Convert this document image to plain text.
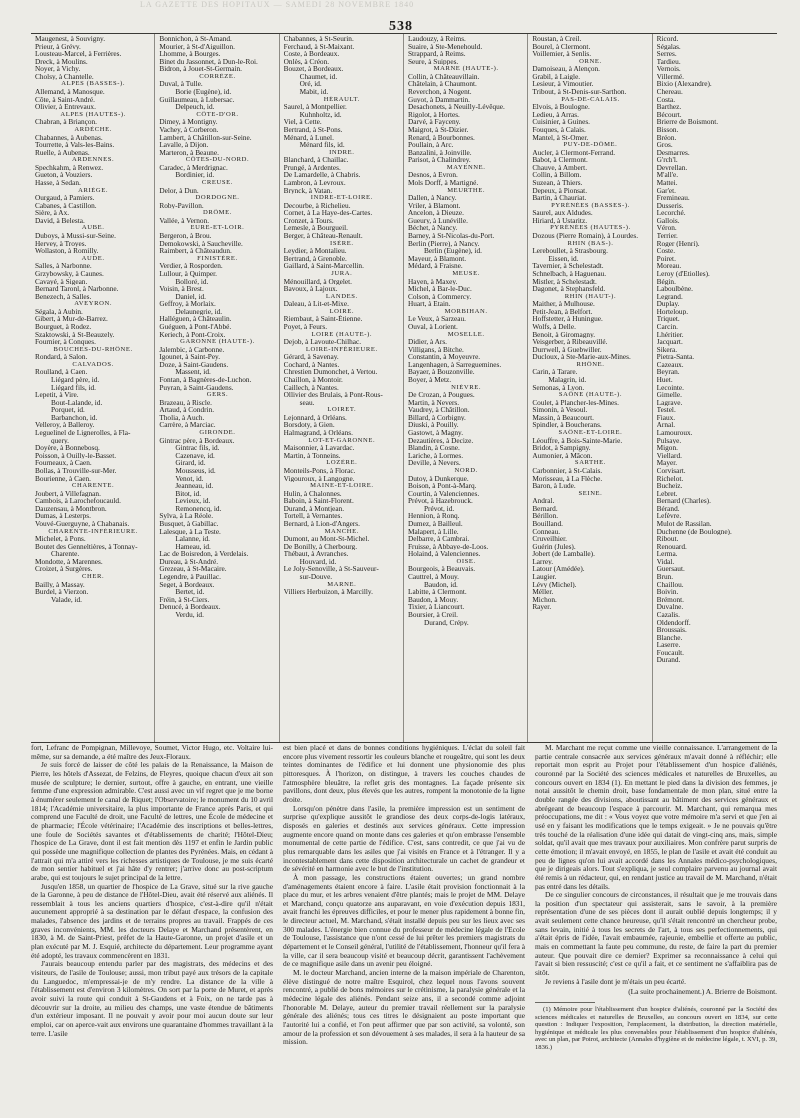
LA GAZETTE DES HOPITAUX — SAMEDI 28 NOVEMBRE 1840
538
Maugenest, à Souvigny.
Prieur, à Grévy.
Lousteau-Marcel, à Ferrières.
Dreck, à Moulins.
Noyer, à Vichy.
Cholsy, à Chantelle.
ALPES (BASSES-).
Allemand, à Manosque.
Côte, à Saint-André.
Olivier, à Entrevaux.
ALPES (HAUTES-).
Chabran, à Briançon.
ARDÈCHE.
Chabannes, à Aubenas.
Tourrette, à Vals-les-Bains.
Ruelle, à Aubenas.
ARDENNES.
Spechkahm, à Renwez.
Gueton, à Vouziers.
Hasse, à Sedan.
ARIÈGE.
Ourgaud, à Pamiers.
Cabanes, à Castillon.
Sière, à Ax.
David, à Belesta.
AUBE.
Duboys, à Mussi-sur-Seine.
Hervey, à Troyes.
Wollaston, à Romilly.
AUDE.
Salles, à Narbonne.
Grzybowsky, à Caunes.
Cavayé, à Sigean.
Bernard Taronl, à Narbonne.
Benezech, à Salles.
AVEYRON.
Ségala, à Aubin.
Gibert, à Mur-de-Barrez.
Bourguet, à Rodez.
Szaktowski, à St-Beauzely.
Fournier, à Conques.
BOUCHES-DU-RHÔNE.
Rondard, à Salon.
CALVADOS.
Roulland, à Caen.
Liégard père, id.
Liégard fils, id.
Lepetit, à Vire.
Bout-Lalande, id.
Porquet, id.
Barbanchon, id.
Velleroy, à Balleroy.
Leguelinel de Lignerolles, à Fla-
query.
Doyère, à Bonnebosq.
Poisson, à Ouilly-le-Basset.
Fourneaux, à Caen.
Bollas, à Trouville-sur-Mer.
Bourienne, à Caen.
CHARENTE.
Joubert, à Villefagnan.
Cambois, à Larochefoucauld.
Dauzensau, à Montbron.
Dumas, à Lesterps.
Vouvé-Guerguyne, à Chabanais.
CHARENTE-INFÉRIEURE.
Michelet, à Pons.
Boutet des Genneltières, à Tonnay-
Charente.
Mondotte, à Marennes.
Croizet, à Surgères.
CHER.
Bailly, à Massay.
Burdel, à Vierzon.
Valade, id.
Bonnichon, à St-Amand.
Mourier, à St-d'Aiguillon.
Lhomme, à Bourges.
Binet du Jassonnet, à Dun-le-Roi.
Bidron, à Jouet-St-Germain.
CORRÈZE.
Duval, à Tulle.
Borie (Eugène), id.
Guillaumeau, à Lubersac.
Delpeuch, id.
CÔTE-D'OR.
Dimey, à Montigny.
Vachey, à Corberon.
Lambert, à Châtillon-sur-Seine.
Lavalle, à Dijon.
Marteron, à Beaune.
CÔTES-DU-NORD.
Caradec, à Merdrignac.
Bordinier, id.
CREUSE.
Delor, à Dun.
DORDOGNE.
Roby-Pavillon.
DRÔME.
Vallée, à Vernon.
EURE-ET-LOIR.
Bergeron, à Brou.
Demokowski, à Saucheville.
Raimbert, à Châteaudun.
FINISTÈRE.
Verdier, à Rosporden.
Lullour, à Quimper.
Bolloré, id.
Voisin, à Brest.
Daniel, id.
Geffroy, à Morlaix.
Delaunegrie, id.
Halléguen, à Châteaulin.
Guéguen, à Pont-l'Abbé.
Keriech, à Pont-Croix.
GARONNE (HAUTE-).
Jalembic, à Carbonne.
Igounet, à Saint-Pey.
Doze, à Saint-Gaudens.
Massent, id.
Fontan, à Bagnères-de-Luchon.
Puyran, à Saint-Gaudens.
GERS.
Brazeau, à Riscle.
Artaud, à Condrin.
Tholia, à Auch.
Carrère, à Marciac.
GIRONDE.
Gintrac père, à Bordeaux.
Gintrac fils, id.
Cazenave, id.
Girard, id.
Mousseus, id.
Venot, id.
Jeanneau, id.
Bitot, id.
Levieux, id.
Remonencq, id.
Sylva, à La Réole.
Busquet, à Gabillac.
Lalesque, à La Teste.
Lalanne, id.
Hameau, id.
Lac de Boisredon, à Verdelais.
Dureau, à St-André.
Grezeau, à St-Macaire.
Legendre, à Pauillac.
Seget, à Bordeaux.
Bertet, id.
Fréin, à St-Ciers.
Denucé, à Bordeaux.
Verdu, id.
Chabannes, à St-Seurin.
Ferchaud, à St-Maixant.
Coste, à Bordeaux.
Onlès, à Créon.
Bouzet, à Bordeaux.
Chaumet, id.
Oré, id.
Mabit, id.
HÉRAULT.
Saurel, à Montpellier.
Kuhnholtz, id.
Viel, à Cette.
Bertrand, à St-Pons.
Ménard, à Lunel.
Ménard fils, id.
INDRE.
Blanchard, à Chaillac.
Prungé, à Ardentes.
De Lamardelle, à Chabris.
Lambron, à Levroux.
Brynck, à Vatan.
INDRE-ET-LOIRE.
Decourbe, à Richelieu.
Cornet, à La Haye-des-Cartes.
Cronzet, à Tours.
Lemesle, à Bourgueil.
Berger, à Château-Renault.
ISÈRE.
Leydier, à Montalieu.
Bertrand, à Grenoble.
Gaillard, à Saint-Marcellin.
JURA.
Ménouillard, à Orgelet.
Bavoux, à Lajoux.
LANDES.
Daleau, à Lit-et-Mixe.
LOIRE.
Riembaut, à Saint-Étienne.
Poyet, à Feurs.
LOIRE (HAUTE-).
Dejob, à Lavoute-Chilhac.
LOIRE-INFÉRIEURE.
Gérard, à Savenay.
Cochard, à Nantes.
Chrestien Dumonchet, à Vertou.
Chaillon, à Montoir.
Caillech, à Nantes.
Ollivier des Brulais, à Pont-Rous-
seau.
LOIRET.
Lejonnard, à Orléans.
Borsdoty, à Gien.
Halmagrand, à Orléans.
LOT-ET-GARONNE.
Maisonnier, à Lavardac.
Martin, à Tonneins.
LOZÈRE.
Monteils-Pons, à Florac.
Vigouroux, à Langogne.
MAINE-ET-LOIRE.
Hulin, à Chalonnes.
Baboin, à Saint-Florent.
Durand, à Montjean.
Tortell, à Vernantes.
Bernard, à Lion-d'Angers.
MANCHE.
Dumont, au Mont-St-Michel.
De Bonilly, à Cherbourg.
Thébaut, à Avranches.
Houvard, id.
Le Joly-Senoville, à St-Sauveur-
sur-Douve.
MARNE.
Villiers Herbuizon, à Marcilly.
Laudouzy, à Reims.
Suaire, à Ste-Menehould.
Strappard, à Reims.
Seure, à Suippes.
MARNE (HAUTE-).
Collin, à Châteauvillain.
Châtelain, à Chaumont.
Reverchon, à Nogent.
Guyot, à Dammartin.
Desachonets, à Neuilly-Lévêque.
Rigolot, à Hortes.
Darvé, à Fayceny.
Maigrot, à St-Dizier.
Renard, à Bourbonnes.
Poullain, à Arc.
Banzalini, à Joinville.
Parisot, à Chalindrey.
MAYENNE.
Desnos, à Evron.
Mols Dorff, à Martigné.
MEURTHE.
Dallen, à Nancy.
Vriler, à Blamont.
Ancelon, à Dieuze.
Gueury, à Lunéville.
Béchet, à Nancy.
Barney, à St-Nicolas-du-Port.
Berlin (Pierre), à Nancy.
Berlin (Eugène), id.
Mayeur, à Blamont.
Médard, à Fraisne.
MEUSE.
Hayen, à Maxey.
Michel, à Bar-le-Duc.
Colson, à Commercy.
Huart, à Etain.
MORBIHAN.
Le Veux, à Sarzeau.
Ouval, à Lorient.
MOSELLE.
Didier, à Ars.
Villigans, à Bitche.
Constantin, à Moyeuvre.
Langenhagen, à Sarreguemines.
Bayaer, à Bouzonville.
Boyer, à Metz.
NIÈVRE.
De Crozan, à Pougues.
Martin, à Nevers.
Vaudrey, à Châtillon.
Billard, à Corbigny.
Diuski, à Pouilly.
Gastowt, à Magny.
Dezautières, à Decize.
Blandin, à Cosne.
Lariche, à Lormes.
Deville, à Nevers.
NORD.
Dutoy, à Dunkerque.
Boison, à Pont-à-Marq.
Courtin, à Valenciennes.
Prévot, à Hazebrouck.
Prévot, id.
Hennion, à Ronq.
Dumez, à Bailleul.
Malapert, à Lille.
Delbarre, à Cambrai.
Fruisse, à Abbaye-de-Loos.
Holaind, à Valenciennes.
OISE.
Bourgeois, à Beauvais.
Cauttrel, à Mouy.
Baudon, id.
Labitte, à Clermont.
Baudon, à Mouy.
Tixier, à Liancourt.
Boursier, à Creil.
Durand, Crépy.
Roustan, à Creil.
Bourel, à Clermont.
Voillemier, à Senlis.
ORNE.
Damoiseau, à Alençon.
Grabil, à Laigle.
Lesieur, à Vimoutier.
Tribout, à St-Denis-sur-Sarthon.
PAS-DE-CALAIS.
Elvois, à Boulogne.
Ledieu, à Arras.
Cuisinier, à Guines.
Fouques, à Calais.
Mantel, à St-Omer.
PUY-DE-DÔME.
Aucler, à Clermont-Ferrand.
Babot, à Clermont.
Chauve, à Ambert.
Collin, à Billom.
Suzean, à Thiers.
Depeux, à Pionsat.
Bartin, à Chauriat.
PYRÉNÉES (BASSES-).
Saurel, aux Aldudes.
Hiriard, à Ustaritz.
PYRÉNÉES (HAUTES-).
Dozous (Pierre Romain), à Lourdes.
RHIN (BAS-).
Lereboullet, à Strasbourg.
Eissen, id.
Tavernier, à Schelestadt.
Schnelbach, à Haguenau.
Mistler, à Schelestadt.
Dagonet, à Stephansfeld.
RHIN (HAUT-).
Maither, à Mulhouse.
Petit-Jean, à Belfort.
Hoffstetter, à Huningue.
Wolfs, à Delle.
Benoit, à Giromagny.
Veisgerber, à Ribeauvillé.
Durrwell, à Guebwiller.
Ducloux, à Ste-Marie-aux-Mines.
RHÔNE.
Carin, à Tarare.
Malagrin, id.
Semonas, à Lyon.
SAÔNE (HAUTE-).
Coulet, à Plancher-les-Mines.
Simonin, à Vesoul.
Massin, à Beaucourt.
Spindler, à Boucherans.
SAÔNE-ET-LOIRE.
Léouffre, à Bois-Sainte-Marie.
Bridot, à Sampigny.
Aumonier, à Mâcon.
SARTHE.
Carbonnier, à St-Calais.
Morisseau, à La Flèche.
Baron, à Lude.
SEINE.
Andral.
Bernard.
Bérillon.
Bouilland.
Conneau.
Cruveilhier.
Guérin (Jules).
Jobert (de Lamballe).
Larrey.
Latour (Amédée).
Laugier.
Lévy (Michel).
Méller.
Michon.
Rayer.
Ricord.
Ségalas.
Serres.
Tardieu.
Vernois.
Villermé.
Bixio (Alexandre).
Chereau.
Costa.
Barthez.
Bécourt.
Brierre de Boismont.
Bisson.
Bréon.
Gros.
Desmarres.
G'rch'l.
Devrellan.
M'all'e.
Mattei.
Gar'et.
Fremineau.
Dusseris.
Lecorché.
Gallois.
Véron.
Terrier.
Roger (Henri).
Coste.
Poiret.
Moreau.
Leroy (d'Etiolles).
Bégin.
Laboulbène.
Legrand.
Duplay.
Horteloup.
Triquet.
Carcin.
Lhéritier.
Jacquart.
Sikera.
Pietra-Santa.
Cazeaux.
Beyran.
Huet.
Lecointe.
Gimelle.
Lagrave.
Testel.
Fiaux.
Arnal.
Lamouroux.
Pulsaye.
Migon.
Viellard.
Mayer.
Corvisart.
Richelot.
Bucheiz.
Lebret.
Bernard (Charles).
Bérand.
Lefèvre.
Mulot de Rassilan.
Duchenne (de Boulogne).
Ribout.
Renouard.
Lerma.
Vidal.
Guersaut.
Brun.
Chaillou.
Boivin.
Brémont.
Duvalne.
Cazalis.
Oldendorff.
Broussais.
Blanche.
Laserre.
Foucault.
Durand.

fort, Lefranc de Pompignan, Millevoye, Soumet, Victor Hugo, etc. Voltaire lui-même, sur sa demande, a été maître des Jeux-Floraux.

Je suis forcé de laisser de côté les palais de la Renaissance, la Maison de Pierre, les hôtels d'Assezat, de Felzins, de Fleyres, quoique chacun d'eux ait son musée de sculpture; le dernier, surtout, offre à gauche, en entrant, une vieille femme d'une expression admirable. C'est aussi avec un vif regret que je me borne à énumérer seulement le canal de Riquet; l'Observatoire; le monument du 10 avril 1814; l'Académie universitaire, la plus importante de France après Paris, et qui comprend une Faculté de droit, une Faculté de lettres, une École de médecine et de pharmacie; l'École vétérinaire; l'Académie des inscriptions et belles-lettres, une foule de Sociétés savantes et d'établissements de charité; l'Hôtel-Dieu; l'hospice de La Grave, dont il est fait mention dès 1197 et enfin le Jardin public qui possède une magnifique collection de plantes des Pyrénées. Mais, en cédant à l'attrait qui m'a attiré vers les richesses artistiques de Toulouse, je me suis écarté de mon sentier habituel et j'ai hâte d'y rentrer; j'arrive donc au post-scriptum arabe, qui est toujours le sujet principal de la lettre.

Jusqu'en 1858, un quartier de l'hospice de La Grave, situé sur la rive gauche de la Garonne, à peu de distance de l'Hôtel-Dieu, avait été réservé aux aliénés. Il ressemblait à tous les anciens quartiers d'hospice, c'est-à-dire qu'il n'était aucunement approprié à sa destination par le défaut d'espace, la confusion des malades, l'absence des jardins et de terrains propres au travail. Frappés de ces graves inconvénients, MM. les docteurs Delaye et Marchand présentèrent, en 1830, à M. de Saint-Priest, préfet de la Haute-Garonne, un projet d'asile et un plan exécuté par M. J. Esquié, architecte du département. Leur programme ayant été adopté, les travaux commencèrent en 1831.

J'aurais beaucoup entendu parler par des magistrats, des médecins et des visiteurs, de l'asile de Toulouse; aussi, mon tribut payé aux trésors de la capitale du Languedoc, m'empressai-je de m'y rendre. La distance de la ville à l'établissement est d'environ 3 kilomètres. On sort par la porte de Muret, et après avoir suivi la route qui conduit à St-Gaudens et à Foix, on ne tarde pas à découvrir sur la droite, au milieu des champs, une vaste étendue de bâtiments d'un extérieur imposant. Il ne pouvait y avoir pour moi aucun doute sur leur emploi, car on aperce-vait aux environs une quarantaine d'hommes travaillant à la terre. L'asile

est bien placé et dans de bonnes conditions hygiéniques. L'éclat du soleil fait encore plus vivement ressortir les couleurs blanche et rougeâtre, qui sont les deux teintes dominantes de l'édifice et lui donnent une physionomie des plus pittoresques. À l'horizon, on distingue, à travers les couches chaudes de l'atmosphère bleuâtre, la reflet gris des montagnes. La façade présente six pavillons, dont deux, plus élevés que les autres, rompent la monotonie de la ligne droite.

Lorsqu'on pénètre dans l'asile, la première impression est un sentiment de surprise qu'explique aussitôt le grandiose des deux corps-de-logis latéraux, disposés en galeries et destinés aux services généraux. Cette impression augmente encore quand on monte dans ces galeries et qu'on embrasse l'ensemble monumental de cette partie de l'édifice. C'est, sans contredit, ce que j'ai vu de plus remarquable dans les asiles que j'ai visités en France et à l'étranger. Il y a incontestablement dans cette disposition architecturale un cachet de grandeur et de sévérité en harmonie avec le but de l'institution.

À mon passage, les constructions étaient ouvertes; un grand nombre d'aménagements étaient encore à faire. L'asile était provision fonctionnait à la place du mur, et les arbres venaient d'être plantés; mais le projet de MM. Delaye et Marchand, conçu quatorze ans auparavant, en voie d'exécution depuis 1831, avait franchi les épreuves difficiles, et pour le mener plus rapidement à bonne fin, le directeur actuel, M. Marchand, s'était installé depuis peu sur les lieux avec ses 300 malades. L'énergie bien connue du professeur de médecine légale de l'Ecole de Toulouse, l'assistance que n'ont cessé de lui prêter les premiers magistrats du département et le Conseil général, l'utilité de l'établissement, l'honneur qu'il fera à la ville, car il sera beaucoup visité et beaucoup décrit, garantissent l'achèvement de ce magnifique asile dans un avenir peu éloigné.

M. le docteur Marchand, ancien interne de la maison impériale de Charenton, élève distingué de notre maître Esquirol, chez lequel nous l'avons souvent rencontré, a publié de bons mémoires sur le crétinisme, la paralysie générale et la médecine légale des aliénés. Pendant seize ans, il a secondé comme adjoint l'honorable M. Delaye, auteur du premier travail réellement sur la paralysie générale des aliénés; tous ces titres le désignaient au poste important que l'autorité lui a confié, et l'on peut affirmer que par son activité, sa volonté, son amour de la profession et son dévouement à ses malades, il sera à la hauteur de sa mission.

M. Marchant me reçut comme une vieille connaissance. L'arrangement de la partie centrale consacrée aux services généraux m'avait donné à réfléchir; elle reportait mon esprit au Projet pour l'établissement d'un hospice d'aliénés, couronné par la Société des sciences médicales et naturelles de Bruxelles, au concours ouvert en 1834 (1). En mettant le pied dans la division des femmes, je notai aussitôt le chemin droit, base fondamentale de mon plan, situé entre la double rangée des divisions, aboutissant au bâtiment des services généraux et abrégeant de beaucoup l'espace à parcourir. M. Marchant, qui remarqua mes préoccupations, me dit : « Vous voyez que votre mémoire m'a servi et que j'en ai usé en y faisant les modifications que le temps exigeait. » Je ne pouvais qu'être très touché de la réalisation d'une idée qui datait de vingt-cinq ans, mais, simple soldat, qu'il avait que mes travaux pour auxiliaires. Mon confrère parut surpris de cette émotion; il m'avait envoyé, en 1855, le plan de l'asile et avait été conduit au peu de lignes qu'on lui avait accordé dans les Annales médico-psychologiques, que je dirigeais alors. Tout s'expliqua, je seul complaire parvenu au journal avait été remis à un rédacteur, qui, en rendant justice au travail de M. Marchand, n'était pas entré dans les détails.

De ce singulier concours de circonstances, il résultait que je me trouvais dans la position d'un spectateur qui assisterait, sans le savoir, à la première représentation d'une de ses pièces dont il aurait oublié depuis longtemps; il y avait seulement cette chance heureuse, qu'il s'était rencontré un chercheur probe, sans levain, initié à tous les secrets de l'art, à tous ses perfectionnements, qui a'était épris de l'idée, l'avait embaumée, rajeunie, embellie et offerte au public, mais en commettant la faute peu commune, du reste, de faire la part du premier auteur. Que pouvait dire ce dernier? Exprimer sa reconnaissance à celui qui l'avait si bien ressuscité; c'est ce qu'il a fait, et ce sentiment ne s'affaiblira pas de sitôt.

Je reviens à l'asile dont je m'étais un peu écarté.

(La suite prochainement.) A. Brierre de Boismont.

(1) Mémoire pour l'établissement d'un hospice d'aliénés, couronné par la Société des sciences médicales et naturelles de Bruxelles, au concours ouvert en 1834, sur cette question : Indiquer l'exposition, l'emplacement, la distribution, la direction matérielle, hygiénique et médicale les plus convenables pour l'établissement d'un hospice d'aliénés, avec un plan, par Poirot, architecte (Annales d'hygiène et de médecine légale, t. XVI, p. 39, 1836.)
